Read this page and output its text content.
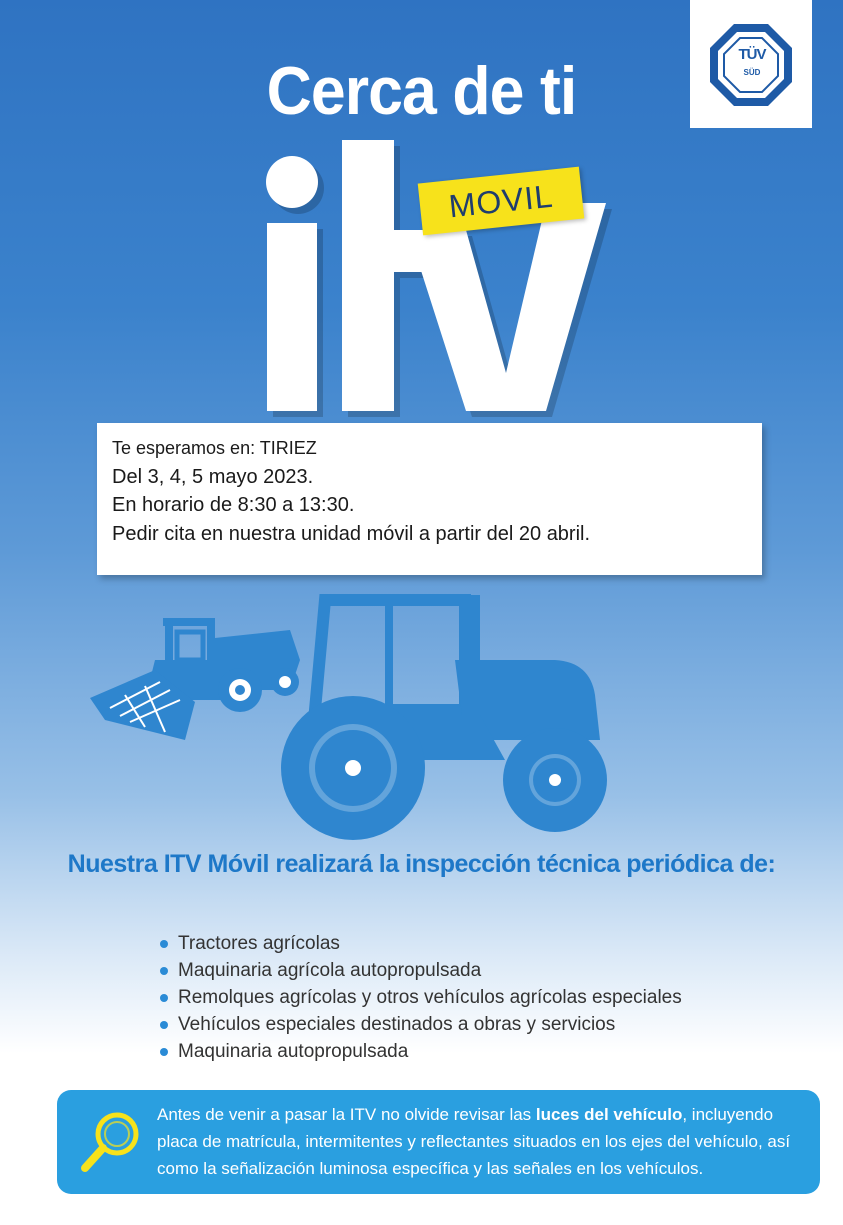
TÜV
SÜD
Cerca de ti
itv
MOVIL
Te esperamos en: TIRIEZ
Del 3, 4, 5 mayo 2023.
En horario de 8:30 a 13:30.
Pedir cita en nuestra unidad móvil a partir del 20 abril.
Nuestra ITV Móvil realizará la inspección técnica periódica de:
Tractores agrícolas
Maquinaria agrícola autopropulsada
Remolques agrícolas y otros vehículos agrícolas especiales
Vehículos especiales destinados a obras y servicios
Maquinaria autopropulsada
Antes de venir a pasar la ITV no olvide revisar las luces del vehículo, incluyendo placa de matrícula, intermitentes y reflectantes situados en los ejes del vehículo, así como la señalización luminosa específica y las señales en los vehículos.
